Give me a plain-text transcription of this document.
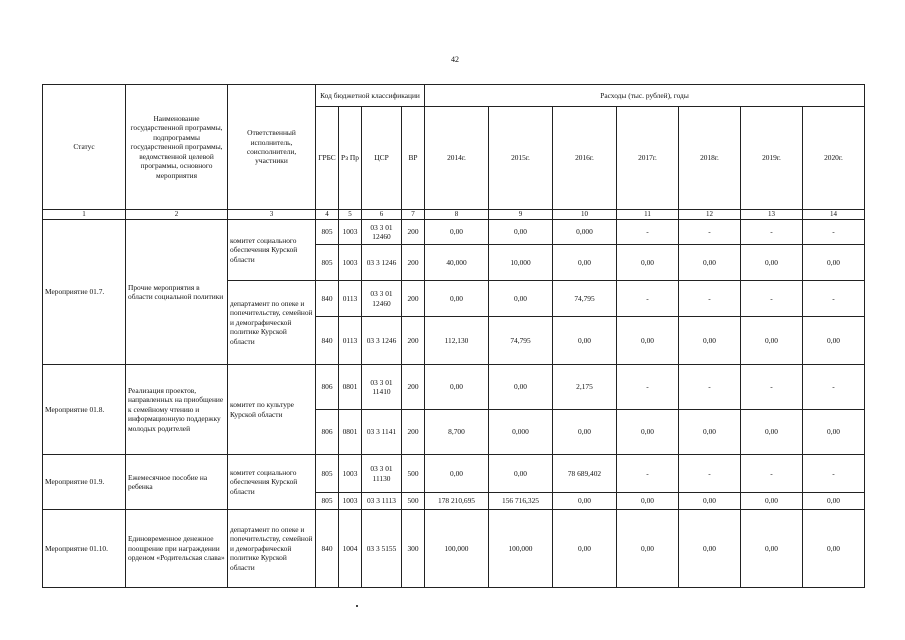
42
Статус	Наименование государственной программы, подпрограммы государственной программы, ведомственной целевой программы, основного мероприятия	Ответственный исполнитель, соисполнители, участники	Код бюджетной классификации				Расходы (тыс. рублей), годы						
			ГРБС	Рз Пр	ЦСР	ВР	2014г.	2015г.	2016г.	2017г.	2018г.	2019г.	2020г.
1	2	3	4	5	6	7	8	9	10	11	12	13	14
Мероприятие 01.7.	Прочие мероприятия в области социальной политики	комитет социального обеспечения Курской области	805	1003	03 3 01 12460	200	0,00	0,00	0,000	-	-	-	-
			805	1003	03 3 1246	200	40,000	10,000	0,00	0,00	0,00	0,00	0,00
		департамент по опеке и попечительству, семейной и демографической политике Курской области	840	0113	03 3 01 12460	200	0,00	0,00	74,795	-	-	-	-
			840	0113	03 3 1246	200	112,130	74,795	0,00	0,00	0,00	0,00	0,00
Мероприятие 01.8.	Реализация проектов, направленных на приобщение к семейному чтению и информационную поддержку молодых родителей	комитет по культуре Курской области	806	0801	03 3 01 11410	200	0,00	0,00	2,175	-	-	-	-
			806	0801	03 3 1141	200	8,700	0,000	0,00	0,00	0,00	0,00	0,00
Мероприятие 01.9.	Ежемесячное пособие на ребенка	комитет социального обеспечения Курской области	805	1003	03 3 01 11130	500	0,00	0,00	78 689,402	-	-	-	-
			805	1003	03 3 1113	500	178 210,695	156 716,325	0,00	0,00	0,00	0,00	0,00
Мероприятие 01.10.	Единовременное денежное поощрение при награждении орденом «Родительская слава»	департамент по опеке и попечительству, семейной и демографической политике Курской области	840	1004	03 3 5155	300	100,000	100,000	0,00	0,00	0,00	0,00	0,00
